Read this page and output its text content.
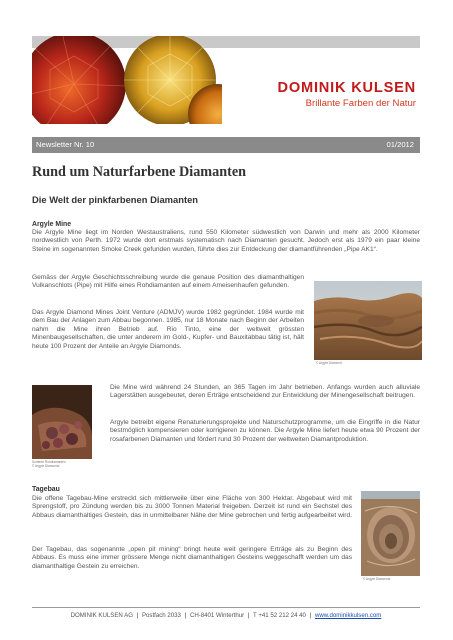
DOMINIK KULSEN
Brillante Farben der Natur
Newsletter Nr. 10	01/2012
Rund um Naturfarbene Diamanten
Die Welt der pinkfarbenen Diamanten
Argyle Mine

Die Argyle Mine liegt im Norden Westaustraliens, rund 550 Kilometer südwestlich von Darwin und mehr als 2000 Kilometer nordwestlich von Perth. 1972 wurde dort erstmals systematisch nach Diamanten gesucht. Jedoch erst als 1979 ein paar kleine Steine im sogenannten Smoke Creek gefunden wurden, führte dies zur Entdeckung der diamantführenden „Pipe AK1“.

Gemäss der Argyle Geschichtsschreibung wurde die genaue Position des diamanthaltigen Vulkanschlots (Pipe) mit Hilfe eines Rohdiamanten auf einem Ameisenhaufen gefunden.

Das Argyle Diamond Mines Joint Venture (ADMJV) wurde 1982 gegründet. 1984 wurde mit dem Bau der Anlagen zum Abbau begonnen. 1985, nur 18 Monate nach Beginn der Arbeiten nahm die Mine ihren Betrieb auf. Rio Tinto, eine der weltweit grössten Minenbaugesellschaften, die unter anderem im Gold-, Kupfer- und Bauxitabbau tätig ist, hält heute 100 Prozent der Anteile an Argyle Diamonds.

© Argyle Diamond
Sortierte Rohdiamanten
© Argyle Diamonds

Die Mine wird während 24 Stunden, an 365 Tagen im Jahr betrieben. Anfangs wurden auch alluviale Lagerstätten ausgebeutet, deren Erträge entscheidend zur Entwicklung der Minengesellschaft beitrugen.

Argyle betreibt eigene Renaturierungsprojekte und Naturschutzprogramme, um die Eingriffe in die Natur bestmöglich kompensieren oder korrigieren zu können. Die Argyle Mine liefert heute etwa 90 Prozent der rosafarbenen Diamanten und fördert rund 30 Prozent der weltweiten Diamantproduktion.

Tagebau

Die offene Tagebau-Mine erstreckt sich mittlerweile über eine Fläche von 300 Hektar. Abgebaut wird mit Sprengstoff, pro Zündung werden bis zu 3000 Tonnen Material freigeben. Derzeit ist rund ein Sechstel des Abbaus diamanthaltiges Gestein, das in unmittelbarer Nähe der Mine gebrochen und fertig aufgearbeitet wird.

Der Tagebau, das sogenannte „open pit mining“ bringt heute weit geringere Erträge als zu Beginn des Abbaus. Es muss eine immer grössere Menge nicht diamanthaltigen Gesteins weggeschafft werden um das diamanthaltige Gestein zu erreichen.

© Argyle Diamonds
DOMINIK KULSEN AG | Postfach 2033 | CH-8401 Winterthur | T +41 52 212 24 40 | www.dominikkulsen.com
